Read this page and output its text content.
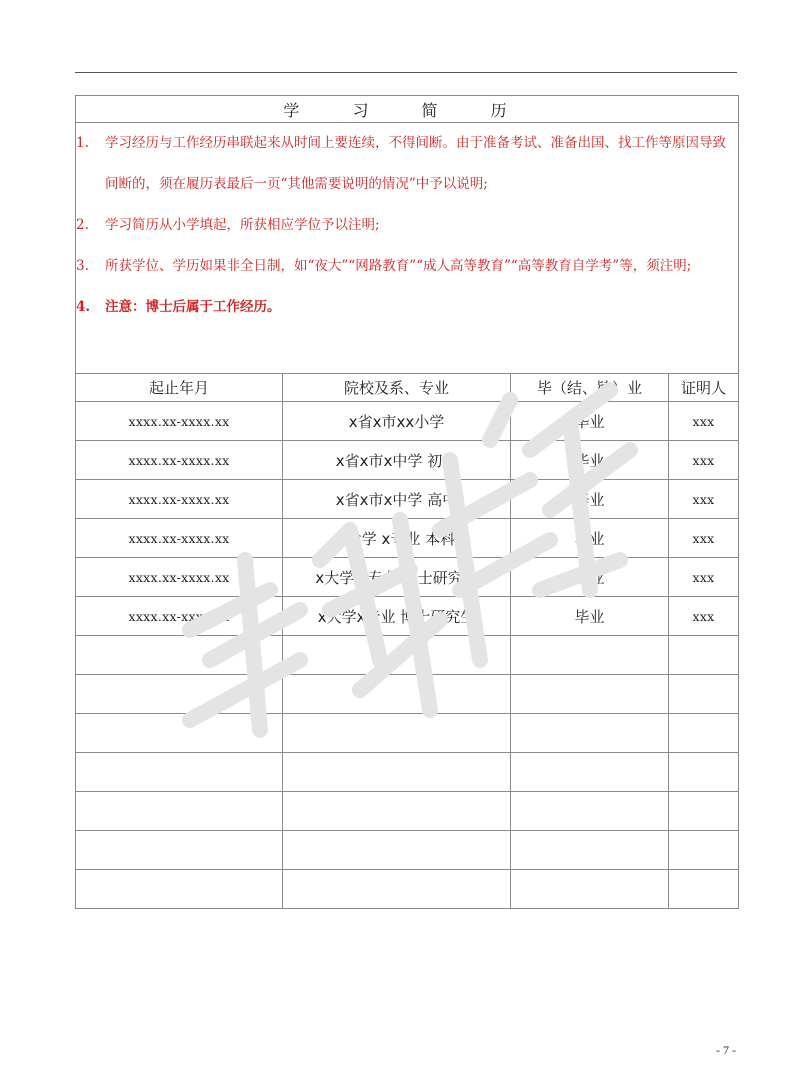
学 习 简 历			

1. 学习经历与工作经历串联起来从时间上要连续，不得间断。由于准备考试、准备出国、找工作等原因导致间断的，须在履历表最后一页“其他需要说明的情况”中予以说明;

2. 学习简历从小学填起，所获相应学位予以注明;

3. 所获学位、学历如果非全日制，如“夜大”“网路教育”“成人高等教育”“高等教育自学考”等，须注明;

4. 注意：博士后属于工作经历。			

起止年月	院校及系、专业	毕（结、肄）业	证明人
xxxx.xx-xxxx.xx	x省x市xx小学	毕业	xxx
xxxx.xx-xxxx.xx	x省x市x中学 初中	毕业	xxx
xxxx.xx-xxxx.xx	x省x市x中学 高中	毕业	xxx
xxxx.xx-xxxx.xx	x大学 x专业 本科	毕业	xxx
xxxx.xx-xxxx.xx	x大学 x专业 硕士研究生	毕业	xxx
xxxx.xx-xxxx.xx	x大学x专业 博士研究生	毕业	xxx

- 7 -
